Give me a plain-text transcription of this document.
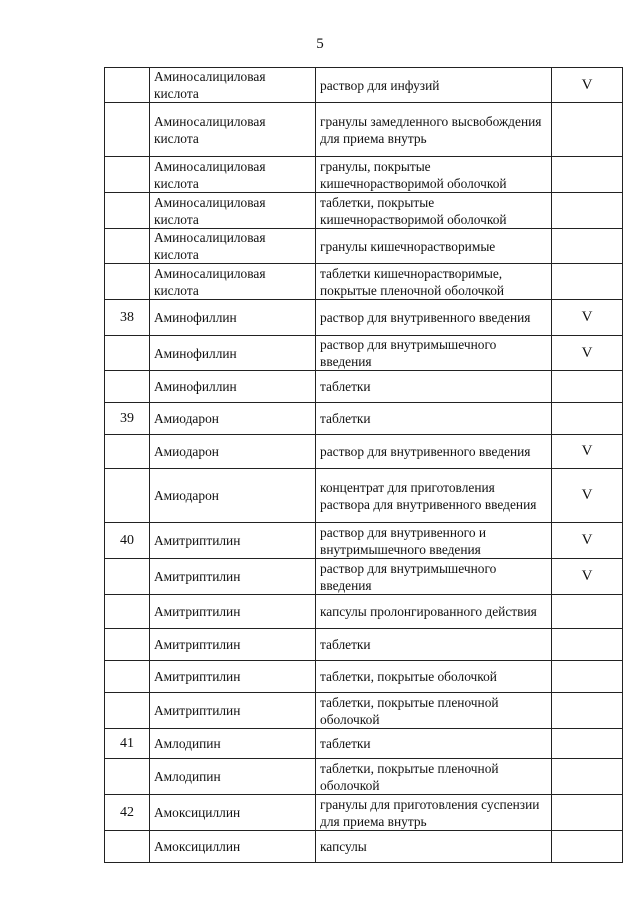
5
	Аминосалициловая кислота	раствор для инфузий	V
	Аминосалициловая кислота	гранулы замедленного высвобождения для приема внутрь	
	Аминосалициловая кислота	гранулы, покрытые кишечнорастворимой оболочкой	
	Аминосалициловая кислота	таблетки, покрытые кишечнорастворимой оболочкой	
	Аминосалициловая кислота	гранулы кишечнорастворимые	
	Аминосалициловая кислота	таблетки кишечнорастворимые, покрытые пленочной оболочкой	
38	Аминофиллин	раствор для внутривенного введения	V
	Аминофиллин	раствор для внутримышечного введения	V
	Аминофиллин	таблетки	
39	Амиодарон	таблетки	
	Амиодарон	раствор для внутривенного введения	V
	Амиодарон	концентрат для приготовления раствора для внутривенного введения	V
40	Амитриптилин	раствор для внутривенного и внутримышечного введения	V
	Амитриптилин	раствор для внутримышечного введения	V
	Амитриптилин	капсулы пролонгированного действия	
	Амитриптилин	таблетки	
	Амитриптилин	таблетки, покрытые оболочкой	
	Амитриптилин	таблетки, покрытые пленочной оболочкой	
41	Амлодипин	таблетки	
	Амлодипин	таблетки, покрытые пленочной оболочкой	
42	Амоксициллин	гранулы для приготовления суспензии для приема внутрь	
	Амоксициллин	капсулы	
